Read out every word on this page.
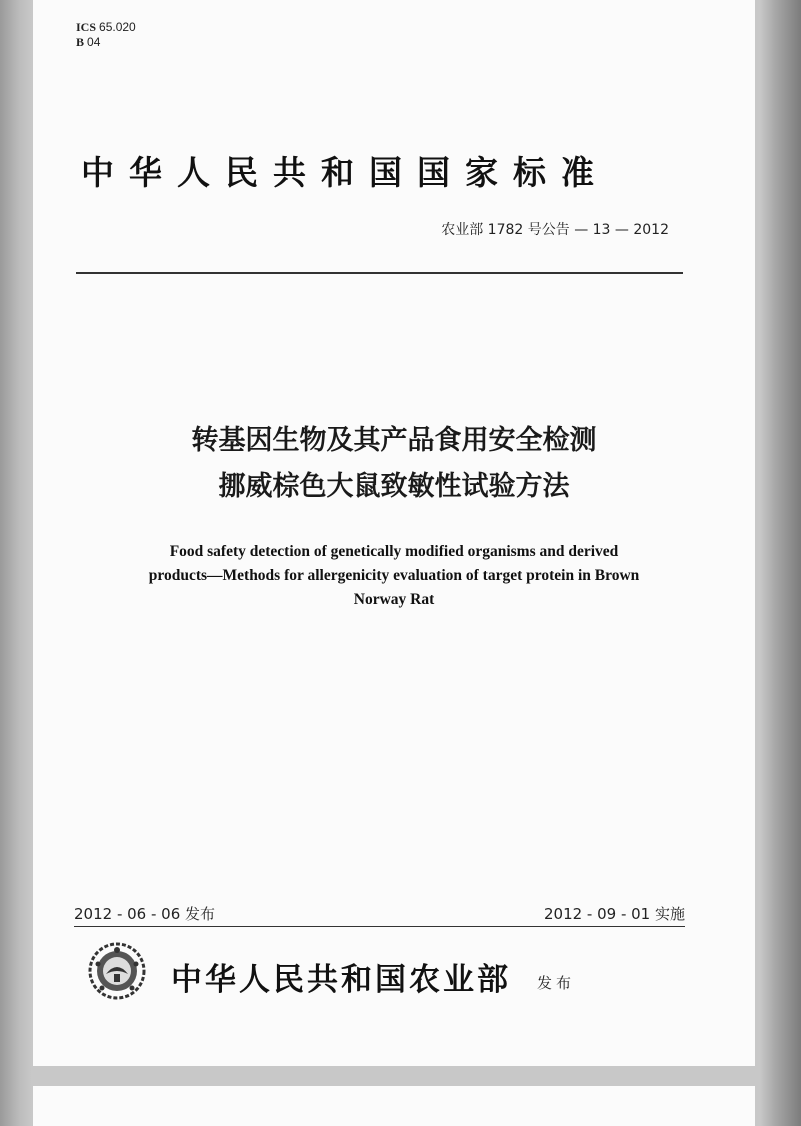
ICS 65.020
B 04
中华人民共和国国家标准
农业部 1782 号公告 — 13 — 2012
转基因生物及其产品食用安全检测
挪威棕色大鼠致敏性试验方法
Food safety detection of genetically modified organisms and derived
products—Methods for allergenicity evaluation of target protein in Brown
Norway Rat
2012 - 06 - 06 发布	2012 - 09 - 01 实施
中华人民共和国农业部 发布
